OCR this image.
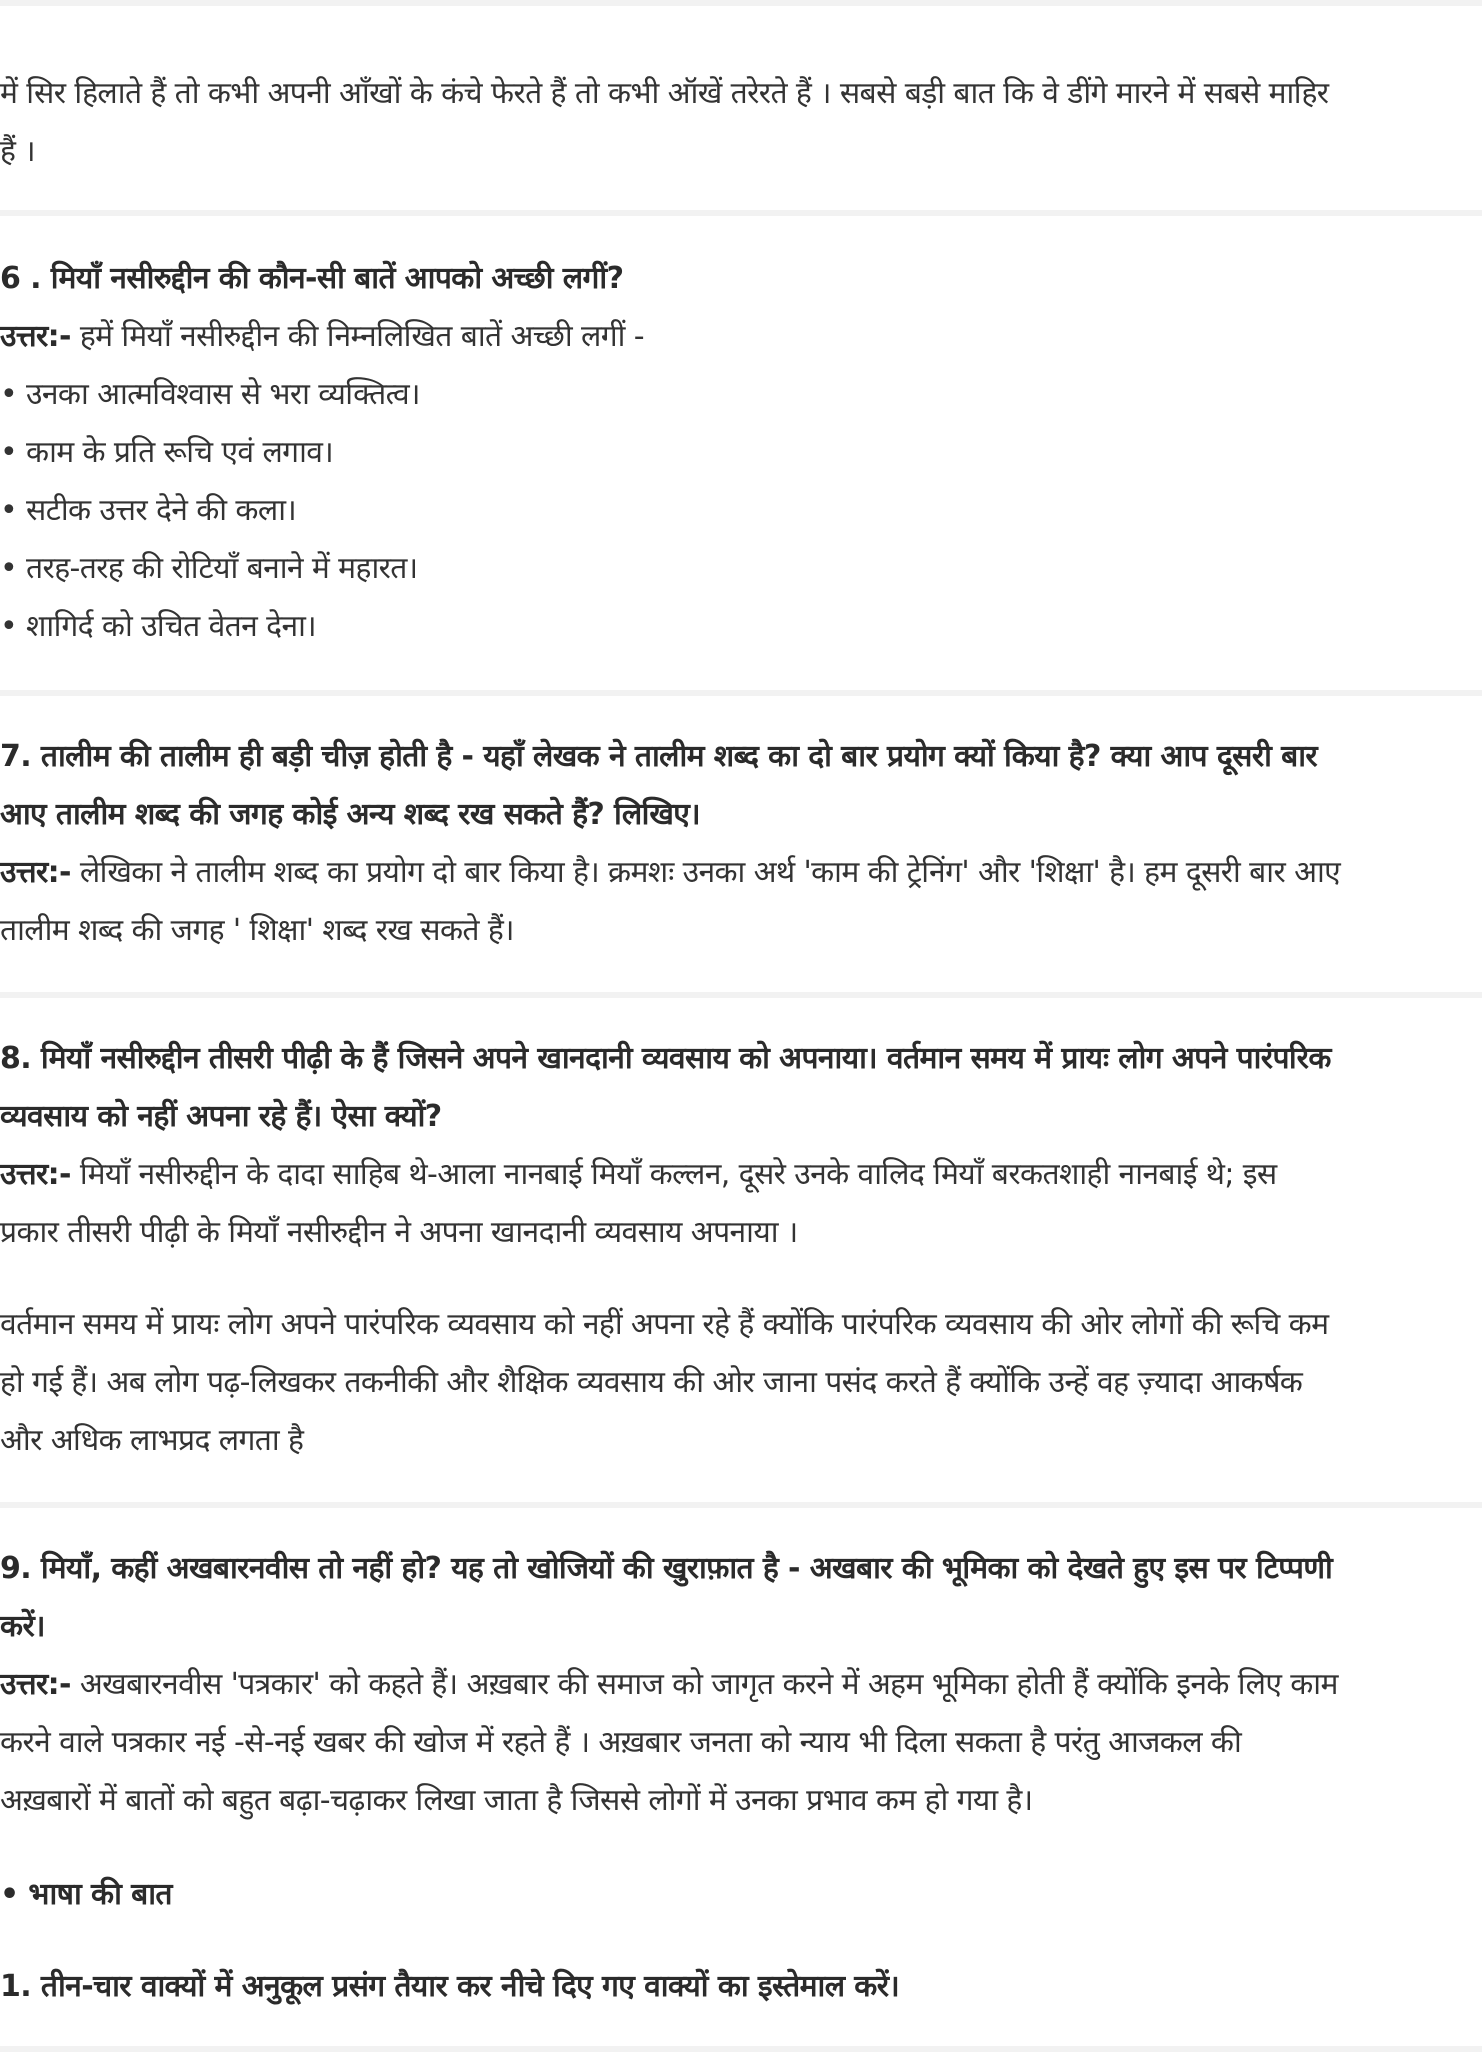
में सिर हिलाते हैं तो कभी अपनी आँखों के कंचे फेरते हैं तो कभी ऑखें तरेरते हैं । सबसे बड़ी बात कि वे डींगे मारने में सबसे माहिर
हैं ।
6 . मियाँ नसीरुद्दीन की कौन-सी बातें आपको अच्छी लगीं?
उत्तर:- हमें मियाँ नसीरुद्दीन की निम्नलिखित बातें अच्छी लगीं -
• उनका आत्मविश्वास से भरा व्यक्तित्व।
• काम के प्रति रूचि एवं लगाव।
• सटीक उत्तर देने की कला।
• तरह-तरह की रोटियाँ बनाने में महारत।
• शागिर्द को उचित वेतन देना।
7. तालीम की तालीम ही बड़ी चीज़ होती है - यहाँ लेखक ने तालीम शब्द का दो बार प्रयोग क्यों किया है? क्या आप दूसरी बार
आए तालीम शब्द की जगह कोई अन्य शब्द रख सकते हैं? लिखिए।
उत्तर:- लेखिका ने तालीम शब्द का प्रयोग दो बार किया है। क्रमशः उनका अर्थ 'काम की ट्रेनिंग' और 'शिक्षा' है। हम दूसरी बार आए
तालीम शब्द की जगह ' शिक्षा' शब्द रख सकते हैं।
8. मियाँ नसीरुद्दीन तीसरी पीढ़ी के हैं जिसने अपने खानदानी व्यवसाय को अपनाया। वर्तमान समय में प्रायः लोग अपने पारंपरिक
व्यवसाय को नहीं अपना रहे हैं। ऐसा क्यों?
उत्तर:- मियाँ नसीरुद्दीन के दादा साहिब थे-आला नानबाई मियाँ कल्लन, दूसरे उनके वालिद मियाँ बरकतशाही नानबाई थे; इस
प्रकार तीसरी पीढ़ी के मियाँ नसीरुद्दीन ने अपना खानदानी व्यवसाय अपनाया ।
वर्तमान समय में प्रायः लोग अपने पारंपरिक व्यवसाय को नहीं अपना रहे हैं क्योंकि पारंपरिक व्यवसाय की ओर लोगों की रूचि कम
हो गई हैं। अब लोग पढ़-लिखकर तकनीकी और शैक्षिक व्यवसाय की ओर जाना पसंद करते हैं क्योंकि उन्हें वह ज़्यादा आकर्षक
और अधिक लाभप्रद लगता है
9. मियाँ, कहीं अखबारनवीस तो नहीं हो? यह तो खोजियों की खुराफ़ात है - अखबार की भूमिका को देखते हुए इस पर टिप्पणी
करें।
उत्तर:- अखबारनवीस 'पत्रकार' को कहते हैं। अख़बार की समाज को जागृत करने में अहम भूमिका होती हैं क्योंकि इनके लिए काम
करने वाले पत्रकार नई -से-नई खबर की खोज में रहते हैं । अख़बार जनता को न्याय भी दिला सकता है परंतु आजकल की
अख़बारों में बातों को बहुत बढ़ा-चढ़ाकर लिखा जाता है जिससे लोगों में उनका प्रभाव कम हो गया है।
• भाषा की बात
1. तीन-चार वाक्यों में अनुकूल प्रसंग तैयार कर नीचे दिए गए वाक्यों का इस्तेमाल करें।
